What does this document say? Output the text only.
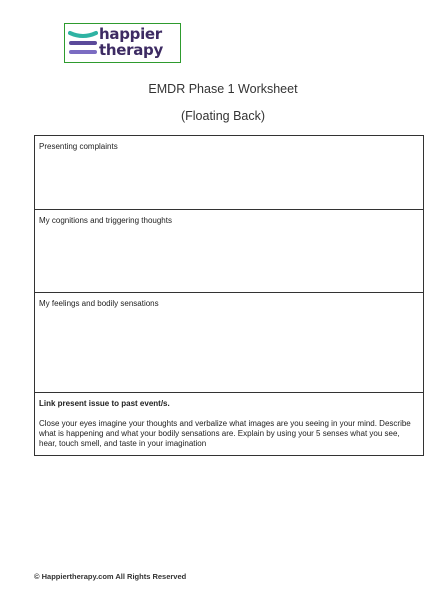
happier
therapy
EMDR Phase 1 Worksheet
(Floating Back)
Presenting complaints
My cognitions and triggering thoughts
My feelings and bodily sensations
Link present issue to past event/s.
Close your eyes imagine your thoughts and verbalize what images are you seeing in your mind. Describe what is happening and what your bodily sensations are. Explain by using your 5 senses what you see, hear, touch smell, and taste in your imagination
© Happiertherapy.com All Rights Reserved
